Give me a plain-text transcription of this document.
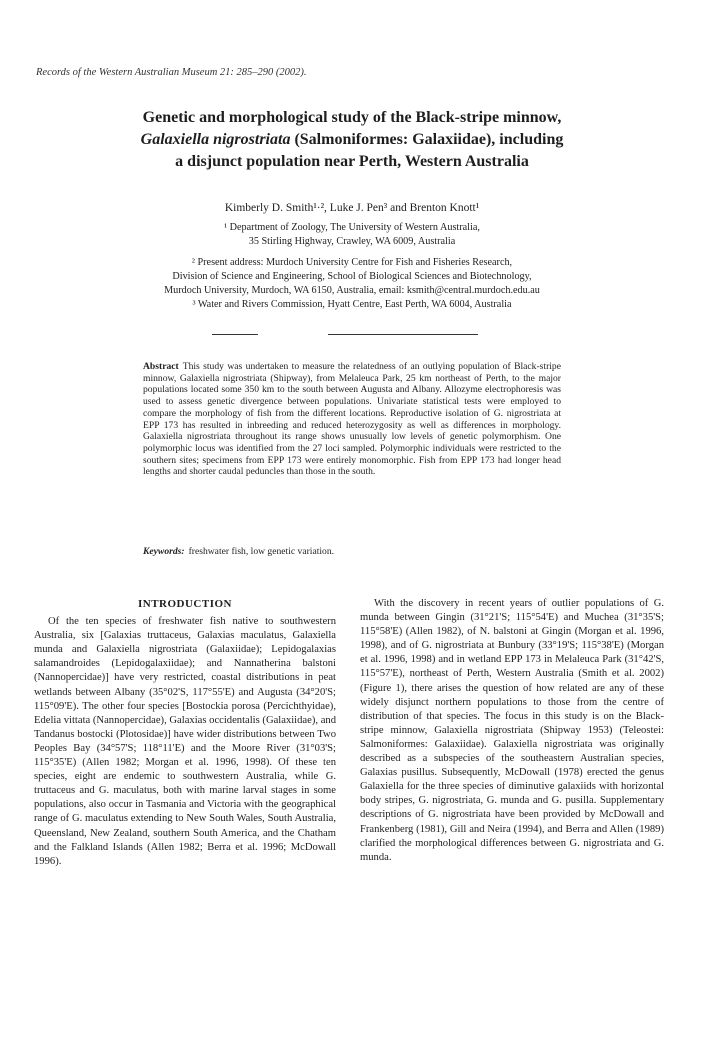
Records of the Western Australian Museum 21: 285–290 (2002).
Genetic and morphological study of the Black-stripe minnow,
Galaxiella nigrostriata (Salmoniformes: Galaxiidae), including
a disjunct population near Perth, Western Australia
Kimberly D. Smith¹·², Luke J. Pen³ and Brenton Knott¹
¹ Department of Zoology, The University of Western Australia,
35 Stirling Highway, Crawley, WA 6009, Australia
² Present address: Murdoch University Centre for Fish and Fisheries Research,
Division of Science and Engineering, School of Biological Sciences and Biotechnology,
Murdoch University, Murdoch, WA 6150, Australia, email: ksmith@central.murdoch.edu.au
³ Water and Rivers Commission, Hyatt Centre, East Perth, WA 6004, Australia
Abstract This study was undertaken to measure the relatedness of an outlying population of Black-stripe minnow, Galaxiella nigrostriata (Shipway), from Melaleuca Park, 25 km northeast of Perth, to the major populations located some 350 km to the south between Augusta and Albany. Allozyme electrophoresis was used to assess genetic divergence between populations. Univariate statistical tests were employed to compare the morphology of fish from the different locations. Reproductive isolation of G. nigrostriata at EPP 173 has resulted in inbreeding and reduced heterozygosity as well as differences in morphology. Galaxiella nigrostriata throughout its range shows unusually low levels of genetic polymorphism. One polymorphic locus was identified from the 27 loci sampled. Polymorphic individuals were restricted to the southern sites; specimens from EPP 173 were entirely monomorphic. Fish from EPP 173 had longer head lengths and shorter caudal peduncles than those in the south.
Keywords: freshwater fish, low genetic variation.
INTRODUCTION

Of the ten species of freshwater fish native to southwestern Australia, six [Galaxias truttaceus, Galaxias maculatus, Galaxiella munda and Galaxiella nigrostriata (Galaxiidae); Lepidogalaxias salamandroides (Lepidogalaxiidae); and Nannatherina balstoni (Nannopercidae)] have very restricted, coastal distributions in peat wetlands between Albany (35°02'S, 117°55'E) and Augusta (34°20'S; 115°09'E). The other four species [Bostockia porosa (Percichthyidae), Edelia vittata (Nannopercidae), Galaxias occidentalis (Galaxiidae), and Tandanus bostocki (Plotosidae)] have wider distributions between Two Peoples Bay (34°57'S; 118°11'E) and the Moore River (31°03'S; 115°35'E) (Allen 1982; Morgan et al. 1996, 1998). Of these ten species, eight are endemic to southwestern Australia, while G. truttaceus and G. maculatus, both with marine larval stages in some populations, also occur in Tasmania and Victoria with the geographical range of G. maculatus extending to New South Wales, South Australia, Queensland, New Zealand, southern South America, and the Chatham and the Falkland Islands (Allen 1982; Berra et al. 1996; McDowall 1996).

With the discovery in recent years of outlier populations of G. munda between Gingin (31°21'S; 115°54'E) and Muchea (31°35'S; 115°58'E) (Allen 1982), of N. balstoni at Gingin (Morgan et al. 1996, 1998), and of G. nigrostriata at Bunbury (33°19'S; 115°38'E) (Morgan et al. 1996, 1998) and in wetland EPP 173 in Melaleuca Park (31°42'S, 115°57'E), northeast of Perth, Western Australia (Smith et al. 2002) (Figure 1), there arises the question of how related are any of these widely disjunct northern populations to those from the centre of distribution of that species. The focus in this study is on the Black-stripe minnow, Galaxiella nigrostriata (Shipway 1953) (Teleostei: Salmoniformes: Galaxiidae). Galaxiella nigrostriata was originally described as a subspecies of the southeastern Australian species, Galaxias pusillus. Subsequently, McDowall (1978) erected the genus Galaxiella for the three species of diminutive galaxiids with horizontal body stripes, G. nigrostriata, G. munda and G. pusilla. Supplementary descriptions of G. nigrostriata have been provided by McDowall and Frankenberg (1981), Gill and Neira (1994), and Berra and Allen (1989) clarified the morphological differences between G. nigrostriata and G. munda.
